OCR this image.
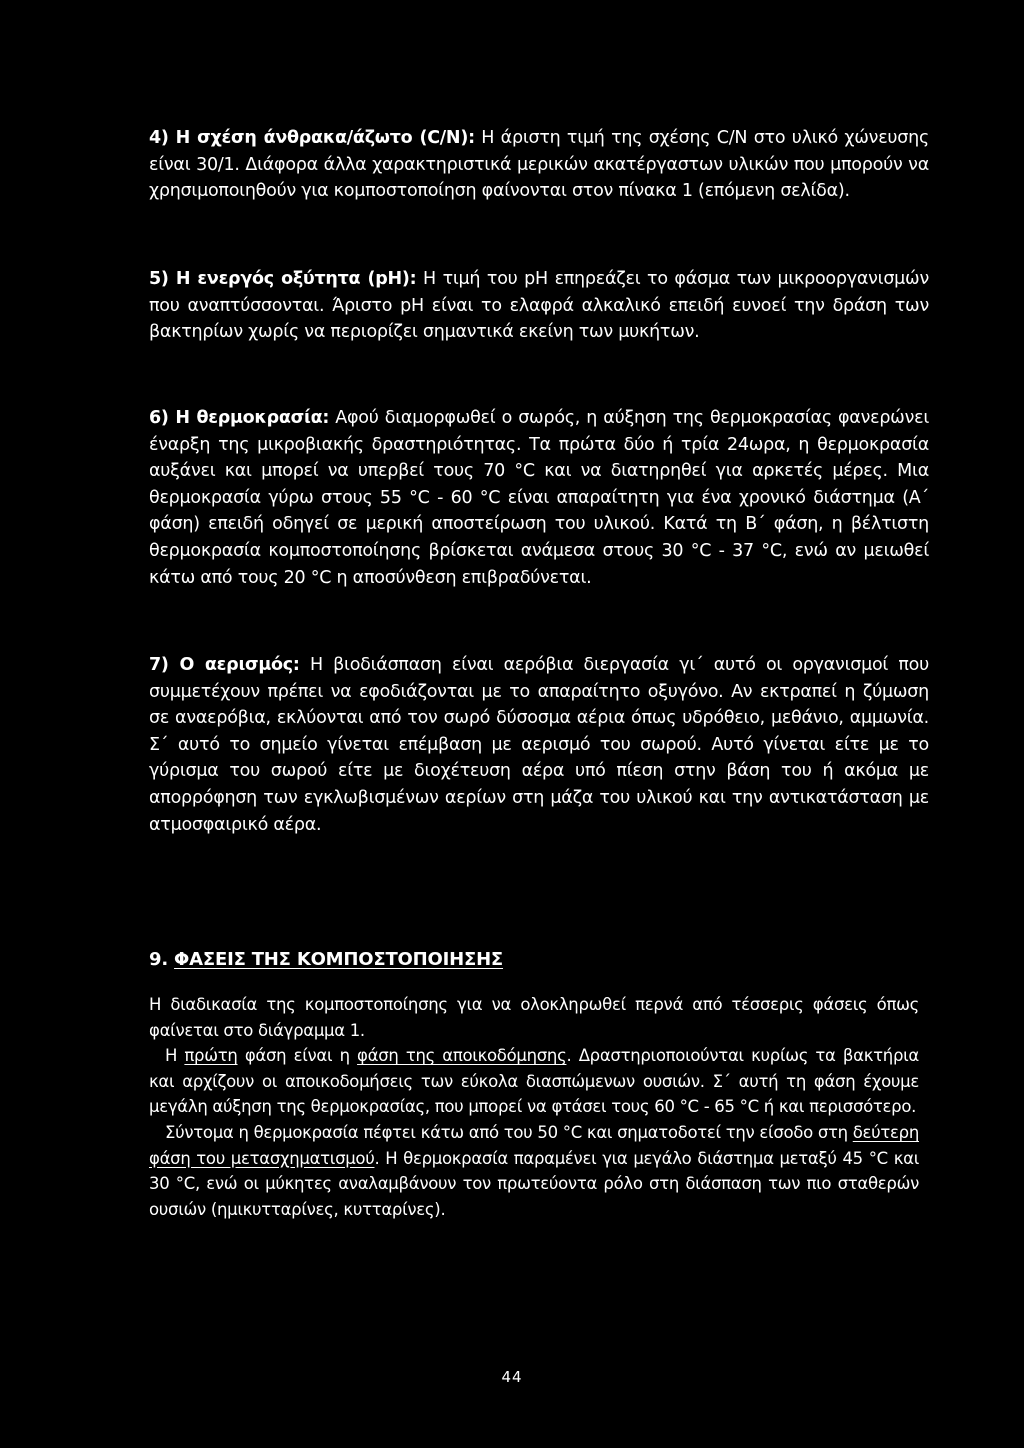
4) Η σχέση άνθρακα/άζωτο (C/N): Η άριστη τιμή της σχέσης C/N στο υλικό χώνευσης είναι 30/1. Διάφορα άλλα χαρακτηριστικά μερικών ακατέργαστων υλικών που μπορούν να χρησιμοποιηθούν για κομποστοποίηση φαίνονται στον πίνακα 1 (επόμενη σελίδα).

5) Η ενεργός οξύτητα (pH): Η τιμή του pH επηρεάζει το φάσμα των μικροοργανισμών που αναπτύσσονται. Άριστο pH είναι το ελαφρά αλκαλικό επειδή ευνοεί την δράση των βακτηρίων χωρίς να περιορίζει σημαντικά εκείνη των μυκήτων.

6) Η θερμοκρασία: Αφού διαμορφωθεί ο σωρός, η αύξηση της θερμοκρασίας φανερώνει έναρξη της μικροβιακής δραστηριότητας. Τα πρώτα δύο ή τρία 24ωρα, η θερμοκρασία αυξάνει και μπορεί να υπερβεί τους 70 °C και να διατηρηθεί για αρκετές μέρες. Μια θερμοκρασία γύρω στους 55 °C - 60 °C είναι απαραίτητη για ένα χρονικό διάστημα (Α΄ φάση) επειδή οδηγεί σε μερική αποστείρωση του υλικού. Κατά τη Β΄ φάση, η βέλτιστη θερμοκρασία κομποστοποίησης βρίσκεται ανάμεσα στους 30 °C - 37 °C, ενώ αν μειωθεί κάτω από τους 20 °C η αποσύνθεση επιβραδύνεται.

7) Ο αερισμός: Η βιοδιάσπαση είναι αερόβια διεργασία γι΄ αυτό οι οργανισμοί που συμμετέχουν πρέπει να εφοδιάζονται με το απαραίτητο οξυγόνο. Αν εκτραπεί η ζύμωση σε αναερόβια, εκλύονται από τον σωρό δύσοσμα αέρια όπως υδρόθειο, μεθάνιο, αμμωνία. Σ΄ αυτό το σημείο γίνεται επέμβαση με αερισμό του σωρού. Αυτό γίνεται είτε με το γύρισμα του σωρού είτε με διοχέτευση αέρα υπό πίεση στην βάση του ή ακόμα με απορρόφηση των εγκλωβισμένων αερίων στη μάζα του υλικού και την αντικατάσταση με ατμοσφαιρικό αέρα.

9. ΦΑΣΕΙΣ ΤΗΣ ΚΟΜΠΟΣΤΟΠΟΙΗΣΗΣ

Η διαδικασία της κομποστοποίησης για να ολοκληρωθεί περνά από τέσσερις φάσεις όπως φαίνεται στο διάγραμμα 1.

Η πρώτη φάση είναι η φάση της αποικοδόμησης. Δραστηριοποιούνται κυρίως τα βακτήρια και αρχίζουν οι αποικοδομήσεις των εύκολα διασπώμενων ουσιών. Σ΄ αυτή τη φάση έχουμε μεγάλη αύξηση της θερμοκρασίας, που μπορεί να φτάσει τους 60 °C - 65 °C ή και περισσότερο.

Σύντομα η θερμοκρασία πέφτει κάτω από του 50 °C και σηματοδοτεί την είσοδο στη δεύτερη φάση του μετασχηματισμού. Η θερμοκρασία παραμένει για μεγάλο διάστημα μεταξύ 45 °C και 30 °C, ενώ οι μύκητες αναλαμβάνουν τον πρωτεύοντα ρόλο στη διάσπαση των πιο σταθερών ουσιών (ημικυτταρίνες, κυτταρίνες).

44
